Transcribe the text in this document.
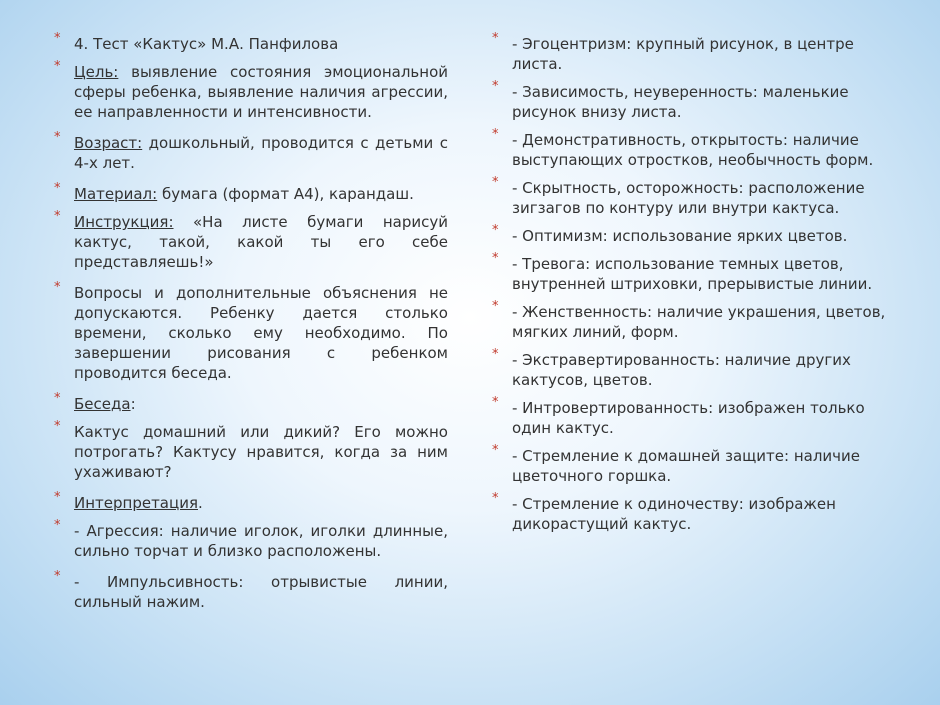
* 4. Тест «Кактус» М.А. Панфилова
* Цель: выявление состояния эмоциональной сферы ребенка, выявление наличия агрессии, ее направленности и интенсивности.
* Возраст: дошкольный, проводится с детьми с 4-х лет.
* Материал: бумага (формат А4), карандаш.
* Инструкция: «На листе бумаги нарисуй кактус, такой, какой ты его себе представляешь!»
* Вопросы и дополнительные объяснения не допускаются. Ребенку дается столько времени, сколько ему необходимо. По завершении рисования с ребенком проводится беседа.
* Беседа:
* Кактус домашний или дикий? Его можно потрогать? Кактусу нравится, когда за ним ухаживают?
* Интерпретация.
* - Агрессия: наличие иголок, иголки длинные, сильно торчат и близко расположены.
* - Импульсивность: отрывистые линии, сильный нажим.
* - Эгоцентризм: крупный рисунок, в центре листа.
* - Зависимость, неуверенность: маленькие рисунок внизу листа.
* - Демонстративность, открытость: наличие выступающих отростков, необычность форм.
* - Скрытность, осторожность: расположение зигзагов по контуру или внутри кактуса.
* - Оптимизм: использование ярких цветов.
* - Тревога: использование темных цветов, внутренней штриховки, прерывистые линии.
* - Женственность: наличие украшения, цветов, мягких линий, форм.
* - Экстравертированность: наличие других кактусов, цветов.
* - Интровертированность: изображен только один кактус.
* - Стремление к домашней защите: наличие цветочного горшка.
* - Стремление к одиночеству: изображен дикорастущий кактус.
